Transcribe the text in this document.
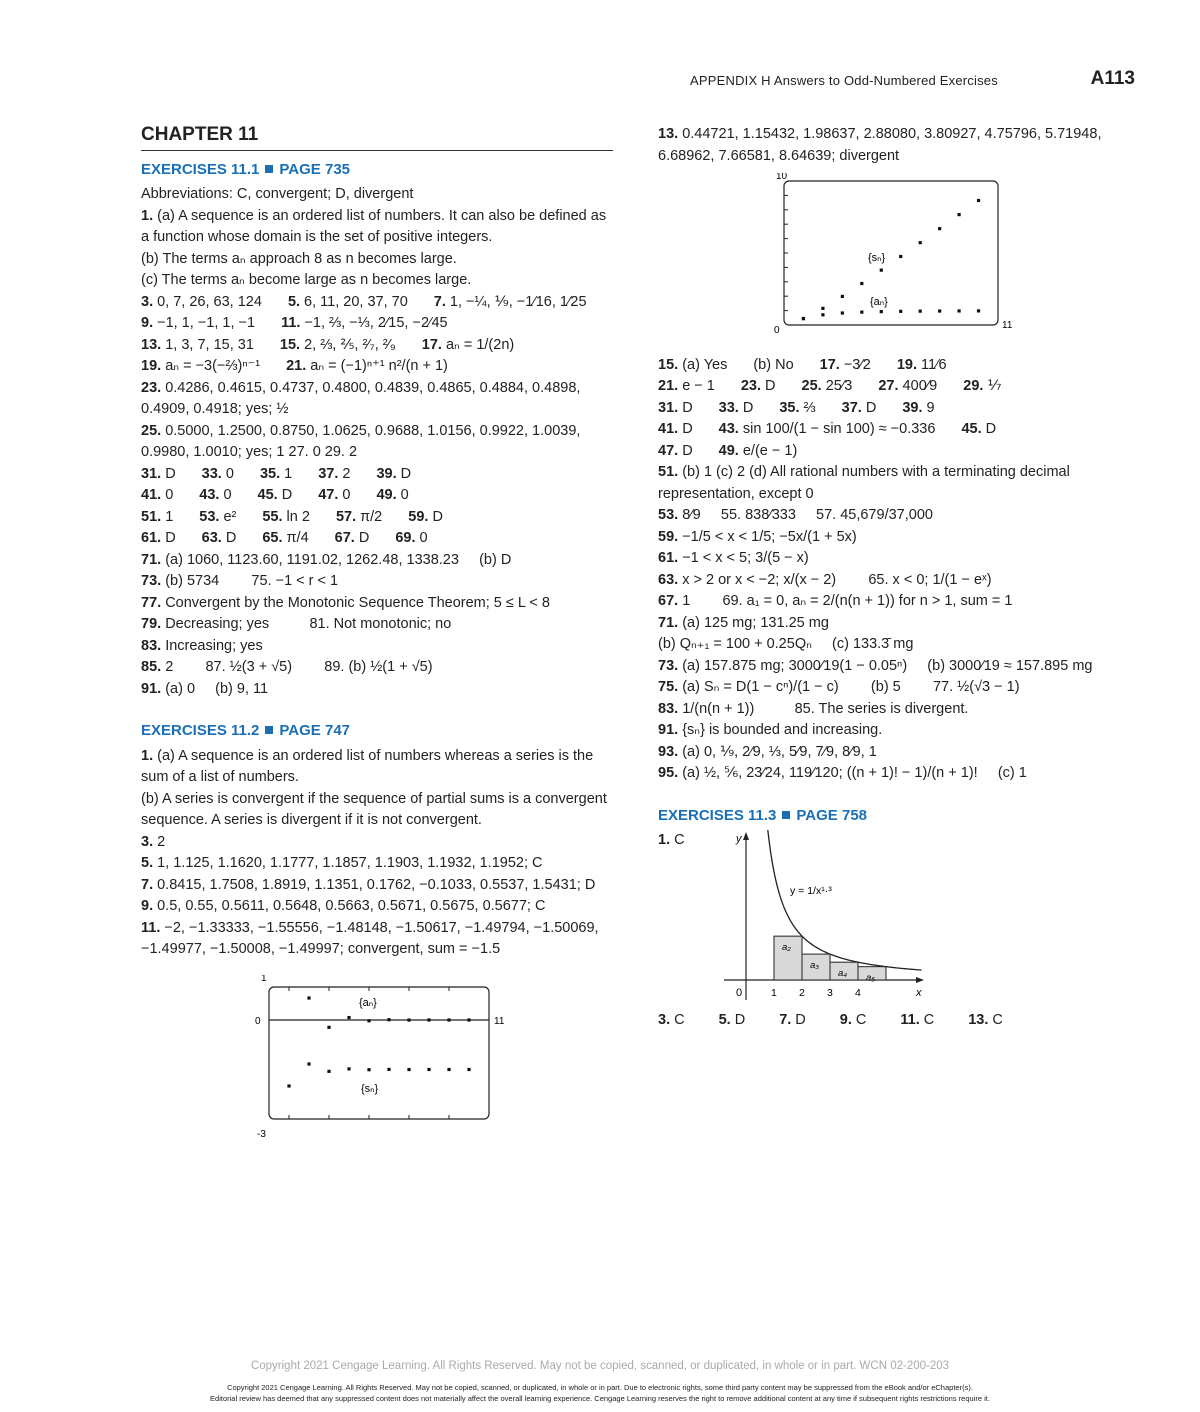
APPENDIX H Answers to Odd-Numbered Exercises	A113
CHAPTER 11
EXERCISES 11.1 PAGE 735
Abbreviations: C, convergent; D, divergent
1. (a) A sequence is an ordered list of numbers. It can also be defined as a function whose domain is the set of positive integers.
(b) The terms aₙ approach 8 as n becomes large.
(c) The terms aₙ become large as n becomes large.
3. 0, 7, 26, 63, 124 5. 6, 11, 20, 37, 70 7. 1, −¼, ⅑, −1⁄16, 1⁄25
9. −1, 1, −1, 1, −1 11. −1, ⅔, −⅓, 2⁄15, −2⁄45
13. 1, 3, 7, 15, 31 15. 2, ⅔, ⅖, ²⁄₇, ²⁄₉ 17. aₙ = 1/(2n)
19. aₙ = −3(−⅔)ⁿ⁻¹ 21. aₙ = (−1)ⁿ⁺¹ n²/(n + 1)
23. 0.4286, 0.4615, 0.4737, 0.4800, 0.4839, 0.4865, 0.4884, 0.4898, 0.4909, 0.4918; yes; ½
25. 0.5000, 1.2500, 0.8750, 1.0625, 0.9688, 1.0156, 0.9922, 1.0039, 0.9980, 1.0010; yes; 1 27. 0 29. 2
31. D 33. 0 35. 1 37. 2 39. D
41. 0 43. 0 45. D 47. 0 49. 0
51. 1 53. e² 55. ln 2 57. π/2 59. D
61. D 63. D 65. π/4 67. D 69. 0
71. (a) 1060, 1123.60, 1191.02, 1262.48, 1338.23     (b) D
73. (b) 5734        75. −1 < r < 1
77. Convergent by the Monotonic Sequence Theorem; 5 ≤ L < 8
79. Decreasing; yes          81. Not monotonic; no
83. Increasing; yes
85. 2        87. ½(3 + √5)        89. (b) ½(1 + √5)
91. (a) 0     (b) 9, 11
EXERCISES 11.2 PAGE 747
1. (a) A sequence is an ordered list of numbers whereas a series is the sum of a list of numbers.
(b) A series is convergent if the sequence of partial sums is a convergent sequence. A series is divergent if it is not convergent.
3. 2
5. 1, 1.125, 1.1620, 1.1777, 1.1857, 1.1903, 1.1932, 1.1952; C
7. 0.8415, 1.7508, 1.8919, 1.1351, 0.1762, −0.1033, 0.5537, 1.5431; D
9. 0.5, 0.55, 0.5611, 0.5648, 0.5663, 0.5671, 0.5675, 0.5677; C
11. −2, −1.33333, −1.55556, −1.48148, −1.50617, −1.49794, −1.50069, −1.49977, −1.50008, −1.49997; convergent, sum = −1.5
1
0
-3
11
{aₙ}
{sₙ}
13. 0.44721, 1.15432, 1.98637, 2.88080, 3.80927, 4.75796, 5.71948, 6.68962, 7.66581, 8.64639; divergent
10
0	11
{sₙ}
{aₙ}
15. (a) Yes (b) No 17. −3⁄2 19. 11⁄6
21. e − 1 23. D 25. 25⁄3 27. 400⁄9 29. ⅐
31. D 33. D 35. ⅔ 37. D 39. 9
41. D 43. sin 100/(1 − sin 100) ≈ −0.336 45. D
47. D 49. e/(e − 1)
51. (b) 1 (c) 2 (d) All rational numbers with a terminating decimal representation, except 0
53. 8⁄9     55. 838⁄333     57. 45,679/37,000
59. −1/5 < x < 1/5; −5x/(1 + 5x)
61. −1 < x < 5; 3/(5 − x)
63. x > 2 or x < −2; x/(x − 2)        65. x < 0; 1/(1 − eˣ)
67. 1        69. a₁ = 0, aₙ = 2/(n(n + 1)) for n > 1, sum = 1
71. (a) 125 mg; 131.25 mg
(b) Qₙ₊₁ = 100 + 0.25Qₙ     (c) 133.3̄ mg
73. (a) 157.875 mg; 3000⁄19(1 − 0.05ⁿ)     (b) 3000⁄19 ≈ 157.895 mg
75. (a) Sₙ = D(1 − cⁿ)/(1 − c)        (b) 5        77. ½(√3 − 1)
83. 1/(n(n + 1))          85. The series is divergent.
91. {sₙ} is bounded and increasing.
93. (a) 0, ⅑, 2⁄9, ⅓, 5⁄9, 7⁄9, 8⁄9, 1
95. (a) ½, ⅚, 23⁄24, 119⁄120; ((n + 1)! − 1)/(n + 1)!     (c) 1
EXERCISES 11.3 PAGE 758
1. C	y
x
0
y = 1/x¹·³
a₂
a₃
a₄ a₅
1 2 3 4
3. C 5. D 7. D 9. C 11. C 13. C
Copyright 2021 Cengage Learning. All Rights Reserved. May not be copied, scanned, or duplicated, in whole or in part. WCN 02-200-203
Copyright 2021 Cengage Learning. All Rights Reserved. May not be copied, scanned, or duplicated, in whole or in part. Due to electronic rights, some third party content may be suppressed from the eBook and/or eChapter(s).
Editorial review has deemed that any suppressed content does not materially affect the overall learning experience. Cengage Learning reserves the right to remove additional content at any time if subsequent rights restrictions require it.
